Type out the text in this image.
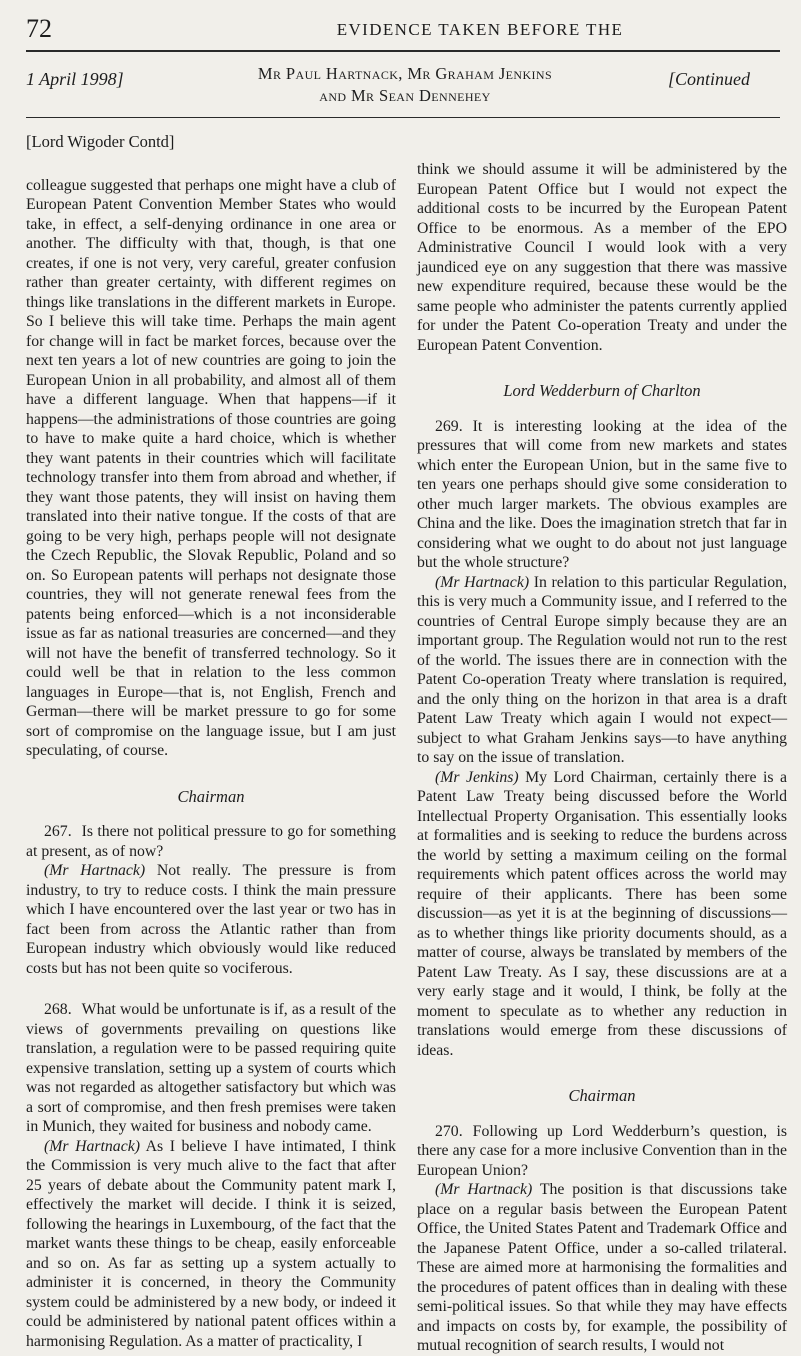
72	EVIDENCE TAKEN BEFORE THE
1 April 1998]	Mr Paul Hartnack, Mr Graham Jenkins
and Mr Sean Dennehey
[Continued

[Lord Wigoder Contd]

colleague suggested that perhaps one might have a club of European Patent Convention Member States who would take, in effect, a self-denying ordinance in one area or another. The difficulty with that, though, is that one creates, if one is not very, very careful, greater confusion rather than greater certainty, with different regimes on things like translations in the different markets in Europe. So I believe this will take time. Perhaps the main agent for change will in fact be market forces, because over the next ten years a lot of new countries are going to join the European Union in all probability, and almost all of them have a different language. When that happens—if it happens—the administrations of those countries are going to have to make quite a hard choice, which is whether they want patents in their countries which will facilitate technology transfer into them from abroad and whether, if they want those patents, they will insist on having them translated into their native tongue. If the costs of that are going to be very high, perhaps people will not designate the Czech Republic, the Slovak Republic, Poland and so on. So European patents will perhaps not designate those countries, they will not generate renewal fees from the patents being enforced—which is a not inconsiderable issue as far as national treasuries are concerned—and they will not have the benefit of transferred technology. So it could well be that in relation to the less common languages in Europe—that is, not English, French and German—there will be market pressure to go for some sort of compromise on the language issue, but I am just speculating, of course.

Chairman

267. Is there not political pressure to go for something at present, as of now?

(Mr Hartnack) Not really. The pressure is from industry, to try to reduce costs. I think the main pressure which I have encountered over the last year or two has in fact been from across the Atlantic rather than from European industry which obviously would like reduced costs but has not been quite so vociferous.

268. What would be unfortunate is if, as a result of the views of governments prevailing on questions like translation, a regulation were to be passed requiring quite expensive translation, setting up a system of courts which was not regarded as altogether satisfactory but which was a sort of compromise, and then fresh premises were taken in Munich, they waited for business and nobody came.

(Mr Hartnack) As I believe I have intimated, I think the Commission is very much alive to the fact that after 25 years of debate about the Community patent mark I, effectively the market will decide. I think it is seized, following the hearings in Luxembourg, of the fact that the market wants these things to be cheap, easily enforceable and so on. As far as setting up a system actually to administer it is concerned, in theory the Community system could be administered by a new body, or indeed it could be administered by national patent offices within a harmonising Regulation. As a matter of practicality, I

think we should assume it will be administered by the European Patent Office but I would not expect the additional costs to be incurred by the European Patent Office to be enormous. As a member of the EPO Administrative Council I would look with a very jaundiced eye on any suggestion that there was massive new expenditure required, because these would be the same people who administer the patents currently applied for under the Patent Co-operation Treaty and under the European Patent Convention.

Lord Wedderburn of Charlton

269. It is interesting looking at the idea of the pressures that will come from new markets and states which enter the European Union, but in the same five to ten years one perhaps should give some consideration to other much larger markets. The obvious examples are China and the like. Does the imagination stretch that far in considering what we ought to do about not just language but the whole structure?

(Mr Hartnack) In relation to this particular Regulation, this is very much a Community issue, and I referred to the countries of Central Europe simply because they are an important group. The Regulation would not run to the rest of the world. The issues there are in connection with the Patent Co-operation Treaty where translation is required, and the only thing on the horizon in that area is a draft Patent Law Treaty which again I would not expect—subject to what Graham Jenkins says—to have anything to say on the issue of translation.

(Mr Jenkins) My Lord Chairman, certainly there is a Patent Law Treaty being discussed before the World Intellectual Property Organisation. This essentially looks at formalities and is seeking to reduce the burdens across the world by setting a maximum ceiling on the formal requirements which patent offices across the world may require of their applicants. There has been some discussion—as yet it is at the beginning of discussions—as to whether things like priority documents should, as a matter of course, always be translated by members of the Patent Law Treaty. As I say, these discussions are at a very early stage and it would, I think, be folly at the moment to speculate as to whether any reduction in translations would emerge from these discussions of ideas.

Chairman

270. Following up Lord Wedderburn’s question, is there any case for a more inclusive Convention than in the European Union?

(Mr Hartnack) The position is that discussions take place on a regular basis between the European Patent Office, the United States Patent and Trademark Office and the Japanese Patent Office, under a so-called trilateral. These are aimed more at harmonising the formalities and the procedures of patent offices than in dealing with these semi-political issues. So that while they may have effects and impacts on costs by, for example, the possibility of mutual recognition of search results, I would not
